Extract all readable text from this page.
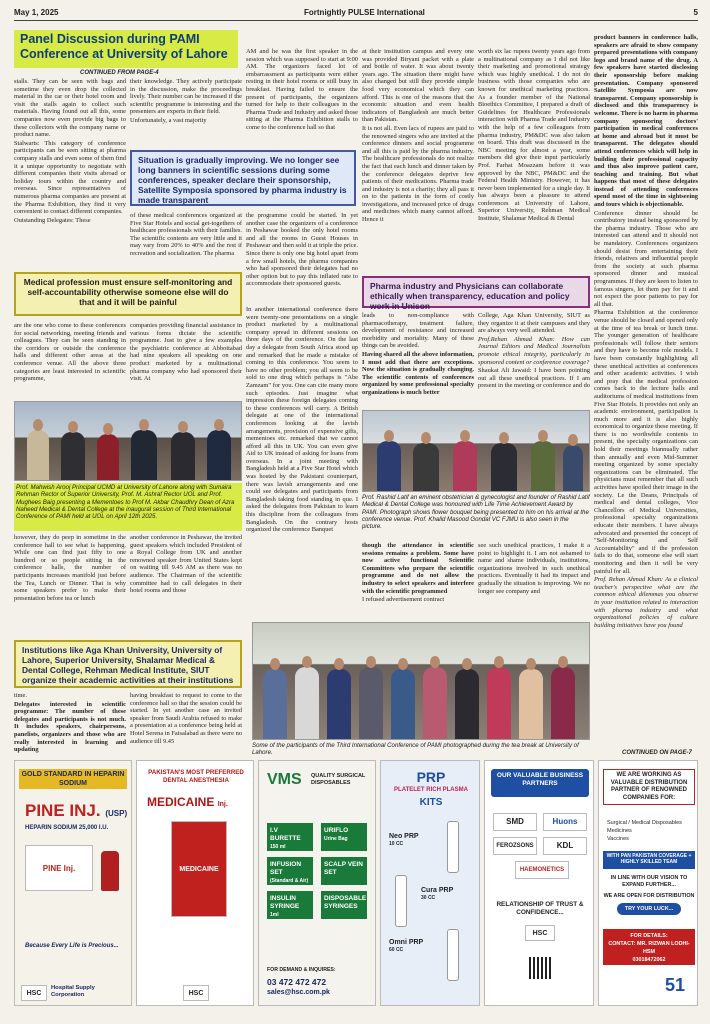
May 1, 2025	Fortnightly PULSE International	5
Panel Discussion during PAMI Conference at University of Lahore
CONTINUED FROM PAGE-4

stalls. They can be seen with bags and sometime they even drop the collected material in the car or their hotel room and visit the stalls again to collect such materials. Having found out all this, some companies now even provide big bags to these collectors with the company name or product name.

Stalwarts: This category of conference participants can be seen sitting at pharma company stalls and even some of them find it a unique opportunity to negotiate with different companies their visits abroad or holiday tours within the country and overseas. Since representatives of numerous pharma companies are present at the Pharma Exhibition, they find it very convenient to contact different companies.

Outstanding Delegates: These

their knowledge. They actively participate in the discussion, make the proceedings lively. Their number can be increased if the scientific programme is interesting and the presenters are experts in their field.

Unfortunately, a vast majority

AM and he was the first speaker in the session which was supposed to start at 9:00 AM. The organizers faced lot of embarrassment as participants were either resting in their hotel rooms or still busy in breakfast. Having failed to ensure the present of participants, the organizers turned for help to their colleagues in the Pharma Trade and Industry and asked those sitting at the Pharma Exhibition stalls to come to the conference hall so that

Situation is gradually improving. We no longer see long banners in scientific sessions during some conferences, speaker declare their sponsorship, Satellite Symposia sponsored by pharma industry is made transparent

of these medical conferences organized at Five Star Hotels and social get-togethers of healthcare professionals with their families. The scientific contents are very little and it may vary from 20% to 40% and the rest if recreation and socialization. The pharma

the programme could be started. In yet another case the organizers of a conference in Peshawar booked the only hotel rooms and all the rooms in Guest Houses in Peshawar and then sold it at triple the price. Since there is only one big hotel apart from a few small hotels, the pharma companies who had sponsored their delegates had no other option but to pay this inflated rate to accommodate their sponsored guests.

Medical profession must ensure self-monitoring and self-accountability otherwise someone else will do that and it will be painful

are the one who come to these conferences for social networking, meeting friends and colleagues. They can be seen standing in the corridors or outside the conference halls and different other areas at the conference venue. All the above three categories are least interested in scientific programme,

companies providing financial assistance in various forms dictate the scientific programme. Just to give a few examples the psychiatric conference at Abbottabad had nine speakers all speaking on one product marketed by a multinational pharma company who had sponsored their visit. At

In another international conference there were twenty-one presentations on a single product marketed by a multinational company spread in different sessions on three days of the conference. On the last day a delegate from South Africa stood up and remarked that he made a mistake of coming to this conference. You seem to have no other problem; you all seem to be sold to one drug which perhaps is "Abe Zamzam" for you. One can cite many more such episodes. Just imagine what impression these foreign delegates coming to these conferences will carry. A British delegate at one of the international conferences looking at the lavish arrangements, provision of expensive gifts, mementoes etc. remarked that we cannot afford all this in UK. You can even give Aid to UK instead of asking for loans from overseas. In a joint meeting with Bangladesh held at a Five Star Hotel which was hosted by the Pakistani counterpart, there was lavish arrangements and one could see delegates and participants from Bangladesh taking food standing in que. I asked the delegates from Pakistan to learn this discipline from the colleagues from Bangladesh. On the contrary hosts organized the conference Banquet

Prof. Mahwish Arooj Principal UCMD at University of Lahore along with Sumaira Rehman Rector of Superior University, Prof. M. Ashraf Rector UOL and Prof. Mughees Baig presenting a Mementoes to Prof M. Akbar Chaudhry Dean of Azra Naheed Medical & Dental College at the inaugural session of Third International Conference of PAMI held at UOL on April 12th 2025.

however, they do peep in sometime in the conference hall to see what is happening. While one can find just fifty to one hundred or so people sitting in the conference halls, the number of participants increases manifold just before the Tea, Lunch or Dinner. That is why some speakers prefer to make their presentation before tea or lunch

another conference in Peshawar, the invited guest speakers which included President of a Royal College from UK and another renowned speaker from United States kept on waiting till 9.45 AM as there was no audience. The Chairman of the scientific committee had to call delegates in their hotel rooms and those

Institutions like Aga Khan University, University of Lahore, Superior University, Shalamar Medical & Dental College, Rehman Medical Institute, SIUT organize their academic activities at their institutions

time.

Delegates interested in scientific programme: The number of these delegates and participants is not much. It includes speakers, chairpersons, panelists, organizers and those who are really interested in learning and updating

having breakfast to request to come to the conference hall so that the session could be started. In yet another case an invited speaker from Saudi Arabia refused to make a presentation at a conference being held at Hotel Serena in Faisalabad as there were no audience till 9.45

at their institution campus and every one was provided Biryani packet with a plate and bottle of water. It was about twenty years ago. The situation there might have also changed but still they provide simple food very economical which they can afford. This is one of the reasons that the economic situation and even health indicators of Bangladesh are much better than Pakistan.

It is not all. Even lacs of rupees are paid to the renowned singers who are invited at the conference dinners and social programme and all this is paid by the pharma industry. The healthcare professionals do not realize the fact that each lunch and dinner taken by the conference delegates deprive few patients of their medications. Pharma trade and industry is not a charity; they all pass it on to the patients in the form of costly investigations, and increased price of drugs and medicines which many cannot afford. Hence it

worth six lac rupees twenty years ago from a multinational company as I did not like their marketing and promotional strategy which was highly unethical. I do not do business with those companies who are known for unethical marketing practices. As a founder member of the National Bioethics Committee, I prepared a draft of Guidelines for Healthcare Professionals interaction with Pharma Trade and Industry with the help of a few colleagues from pharma industry, PM&DC was also taken on board. This draft was discussed in the NBC meeting for almost a year, some members did give their input particularly Prof. Farhat Moazzam before it was approved by the NBC, PM&DC and the Federal Health Ministry. However, it has never been implemented for a single day. It has always been a pleasure to attend conferences at University of Lahore, Superior University, Rehman Medical Institute, Shalamar Medical & Dental

Pharma industry and Physicians can collaborate ethically when transparency, education and policy work in Unison

leads to non-compliance with pharmacotherapy, treatment failure, development of resistance and increased morbidity and mortality. Many of these things can be avoided.

Having shared all the above information, I must add that there are exceptions. Now the situation is gradually changing. The scientific contents of conferences organized by some professional specialty organizations is much better

College, Aga Khan University, SIUT as they organize it at their campuses and they are always very well attended.

Prof.Rehan Ahmad Khan: How can Journal Editors and Medical Journalists promote ethical integrity, particularly in sponsored content or conference coverage?

Shaukat Ali Jawaid: I have been pointing out all these unethical practices. If I am present in the meeting or conference and do

Prof. Rashid Latif an eminent obstetrician & gynecologist and founder of Rashid Latif Medical & Dental College was honoured with Life Time Achievement Award by PAMI. Photograph shows flower bouquet being presented to him on his arrival at the conference venue. Prof. Khalid Masood Gondal VC FJMU is also seen in the picture.

though the attendance in scientific sessions remains a problem. Some have now active functional Scientific Committees who prepare the scientific programme and do not allow the industry to select speakers and interfere with the scientific programmed

I refused advertisement contract

see such unethical practices, I make it a point to highlight it. I am not ashamed to name and shame individuals, institutions, organizations involved in such unethical practices. Eventually it had its impact and gradually the situation is improving. We no longer see company and

Some of the participants of the Third International Conference of PAMI photographed during the tea break at University of Lahore.

product banners in conference halls, speakers are afraid to show company prepared presentations with company logo and brand name of the drug. A few speakers have started disclosing their sponsorship before making presentation. Company sponsored Satellite Symposia are now transparent. Company sponsorship is disclosed and this transparency is welcome. There is no harm in pharma company sponsoring doctors' participation in medical conferences at home and abroad but it must be transparent. The delegates should attend conferences which will help in building their professional capacity and thus also improve patient care, teaching and training. But what happens that most of these delegates instead of attending conferences spend most of the time in sightseeing and tours which is objectionable.

Conference dinner should be contributory instead being sponsored by the pharma industry. Those who are interested can attend and it should not be mandatory. Conferences organizers should desist from entertaining their friends, relatives and influential people from the society at such pharma sponsored dinner and musical programmes. If they are keen to listen to famous singers, let them pay for it and not expect the poor patients to pay for all that.

Pharma Exhibition at the conference venue should be closed and opened only at the time of tea break or lunch time. The younger generation of healthcare professionals will follow their seniors and they have to become role models. I have been constantly highlighting all these unethical activities at conferences and other academic activities. I wish and pray that the medical profession comes back to the lecture halls and auditoriums of medical institutions from Five Star Hotels. It provides not only an academic environment, participation is much more and it is also highly economical to organize these meeting. If there is no worthwhile contents to present, the specialty organizations can hold their meetings biannually rather than annually and even Mid-Summer meeting organized by some specialty organizations can be eliminated. The physicians must remember that all such activities have spoiled their image in the society. Le the Deans, Principals of medical and dental colleges, Vice Chancellors of Medical Universities, professional specialty organizations educate their members. I have always advocated and presented the concept of "Self-Monitoring and Self Accountability" and if the profession fails to do that, someone else will start monitoring and then it will be very painful for all.

Prof. Rehan Ahmad Khan: As a clinical teacher's perspective what are the common ethical dilemmas you observe in your institution related to interaction with pharma industry and what organizational policies of culture building initiatives have you found

CONTINUED ON PAGE-7
GOLD STANDARD IN HEPARIN SODIUM
PINE INJ. (USP)
HEPARIN SODIUM 25,000 I.U.
PINE Inj.
Because Every Life is Precious...
HSC
Hospital Supply Corporation
PAKISTAN'S MOST PREFERRED DENTAL ANESTHESIA
MEDICAINE Inj.
MEDICAINE
HSC
VMS QUALITY SURGICAL DISPOSABLES
I.V BURETTE
150 ml
URIFLO
Urine Bag
INFUSION SET
(Standard & Air)
SCALP VEIN SET

INSULIN SYRINGE
1ml
DISPOSABLE SYRINGES

FOR DEMAND & INQUIRES:
03 472 472 472
sales@hsc.com.pk
PRP
PLATELET RICH PLASMA
KITS
Neo PRP
10 CC
Cura PRP
30 CC
Omni PRP
60 CC
OUR VALUABLE BUSINESS PARTNERS
SMD	Huons
FEROZSONS	KDL
HAEMONETICS
RELATIONSHIP OF TRUST & CONFIDENCE...
HSC
WE ARE WORKING AS VALUABLE DISTRIBUTION PARTNER OF RENOWNED COMPANIES FOR:
Surgical / Medical Disposables
Medicines
Vaccines
WITH PAN PAKISTAN COVERAGE + HIGHLY SKILLED TEAM
IN LINE WITH OUR VISION TO EXPAND FURTHER...
WE ARE OPEN FOR DISTRIBUTION
TRY YOUR LUCK...
FOR DETAILS:
CONTACT: MR. RIZWAN LODHI-HSM
03018472062
51
